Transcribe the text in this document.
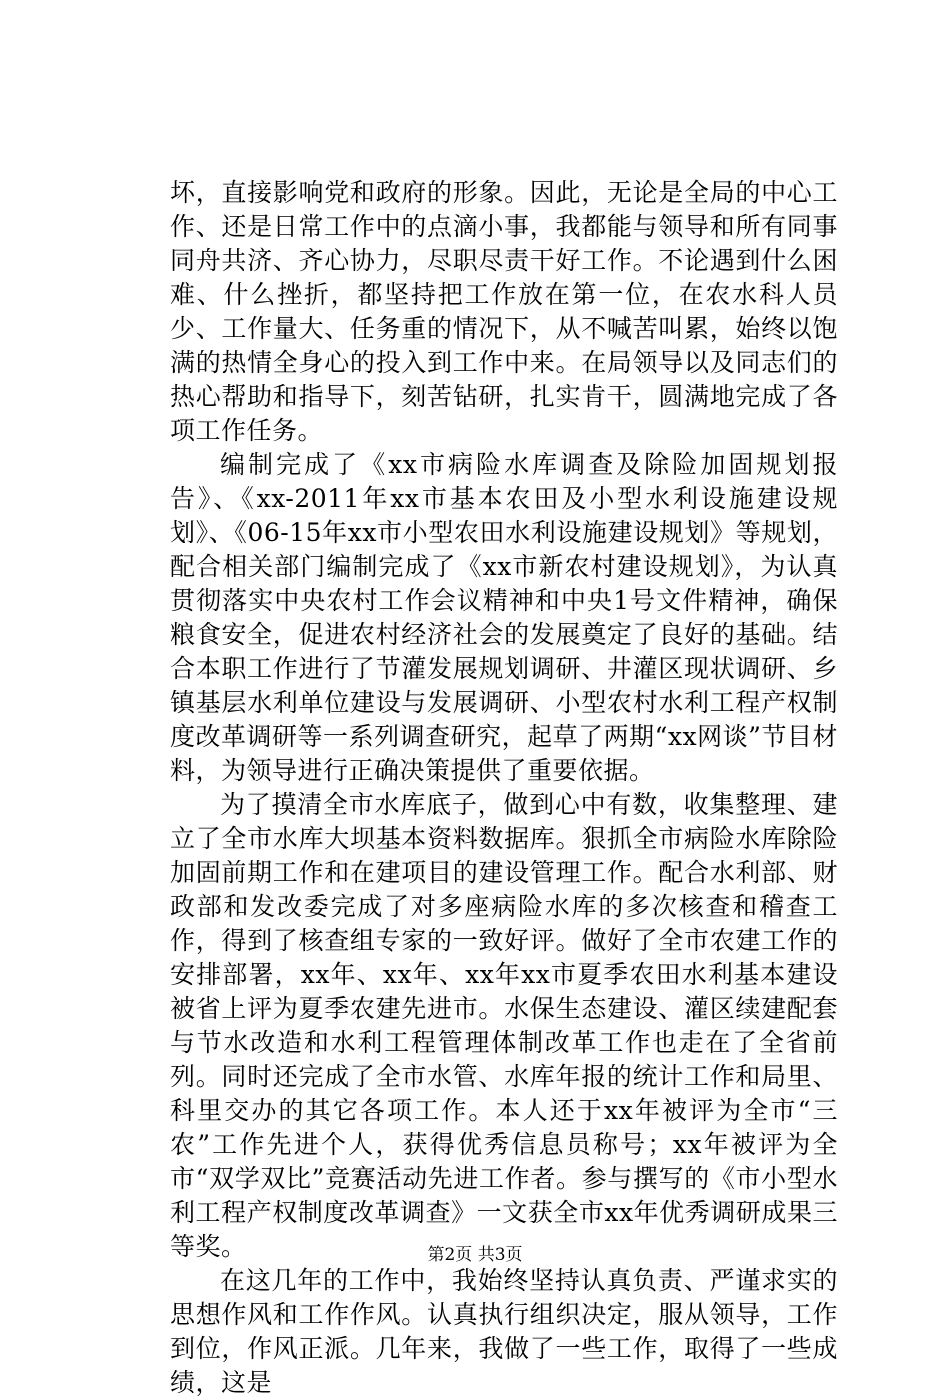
坏，直接影响党和政府的形象。因此，无论是全局的中心工作、还是日常工作中的点滴小事，我都能与领导和所有同事同舟共济、齐心协力，尽职尽责干好工作。不论遇到什么困难、什么挫折，都坚持把工作放在第一位，在农水科人员少、工作量大、任务重的情况下，从不喊苦叫累，始终以饱满的热情全身心的投入到工作中来。在局领导以及同志们的热心帮助和指导下，刻苦钻研，扎实肯干，圆满地完成了各项工作任务。

编制完成了《xx市病险水库调查及除险加固规划报告》、《xx-2011年xx市基本农田及小型水利设施建设规划》、《06-15年xx市小型农田水利设施建设规划》等规划，配合相关部门编制完成了《xx市新农村建设规划》，为认真贯彻落实中央农村工作会议精神和中央1号文件精神，确保粮食安全，促进农村经济社会的发展奠定了良好的基础。结合本职工作进行了节灌发展规划调研、井灌区现状调研、乡镇基层水利单位建设与发展调研、小型农村水利工程产权制度改革调研等一系列调查研究，起草了两期“xx网谈”节目材料，为领导进行正确决策提供了重要依据。

为了摸清全市水库底子，做到心中有数，收集整理、建立了全市水库大坝基本资料数据库。狠抓全市病险水库除险加固前期工作和在建项目的建设管理工作。配合水利部、财政部和发改委完成了对多座病险水库的多次核查和稽查工作，得到了核查组专家的一致好评。做好了全市农建工作的安排部署，xx年、xx年、xx年xx市夏季农田水利基本建设被省上评为夏季农建先进市。水保生态建设、灌区续建配套与节水改造和水利工程管理体制改革工作也走在了全省前列。同时还完成了全市水管、水库年报的统计工作和局里、科里交办的其它各项工作。本人还于xx年被评为全市“三农”工作先进个人，获得优秀信息员称号；xx年被评为全市“双学双比”竞赛活动先进工作者。参与撰写的《市小型水利工程产权制度改革调查》一文获全市xx年优秀调研成果三等奖。

在这几年的工作中，我始终坚持认真负责、严谨求实的思想作风和工作作风。认真执行组织决定，服从领导，工作到位，作风正派。几年来，我做了一些工作，取得了一些成绩，这是

第2页 共3页
